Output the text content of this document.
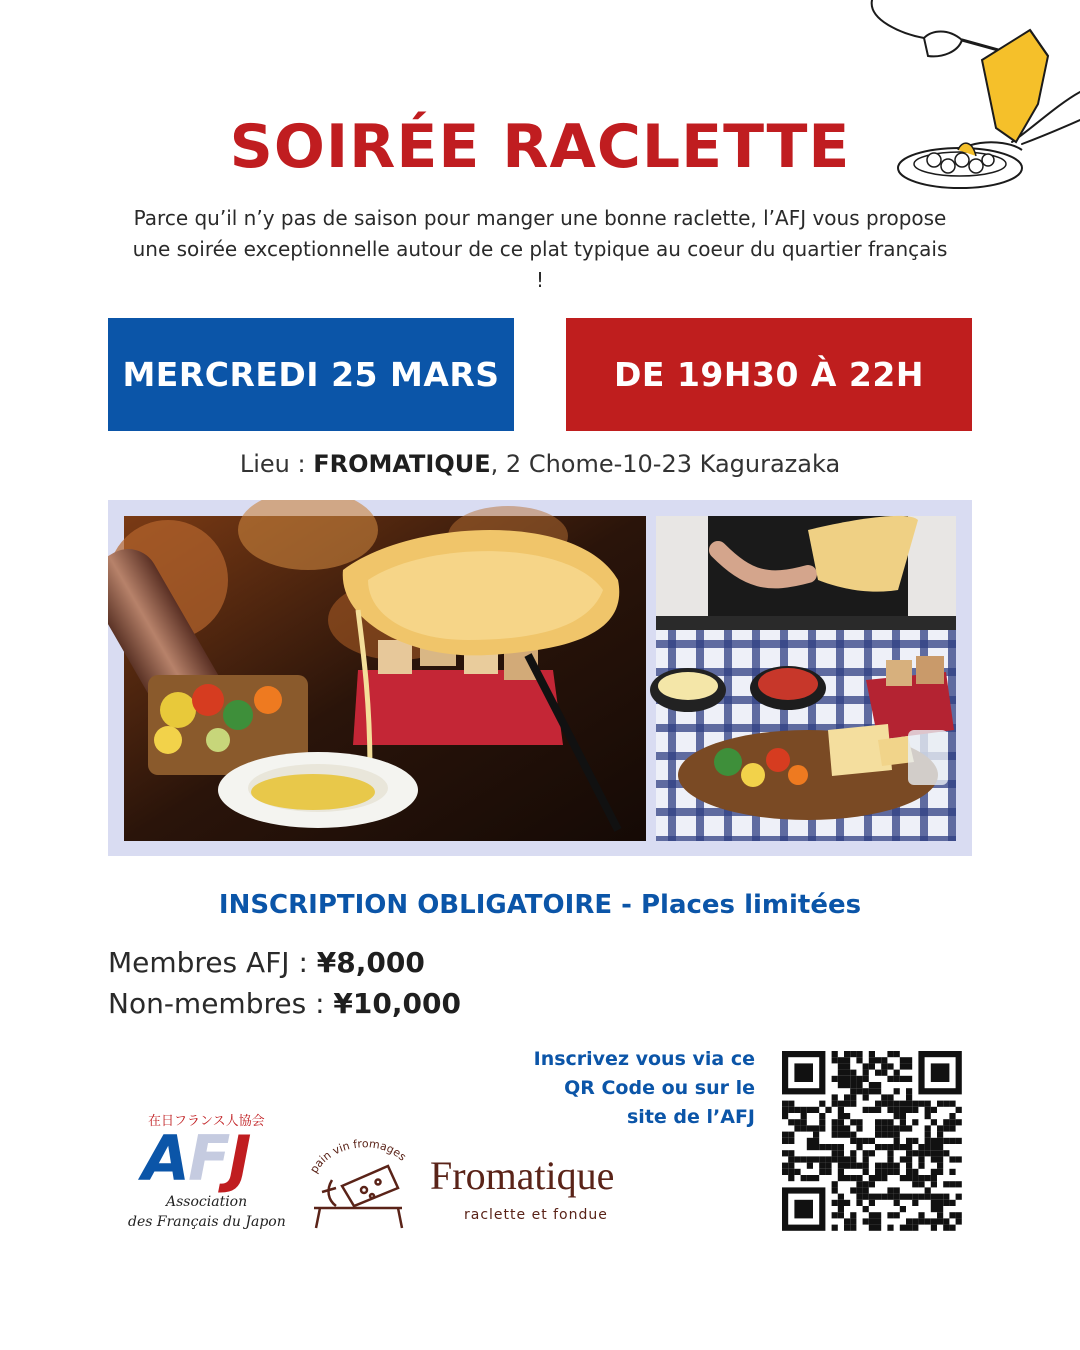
SOIRÉE RACLETTE
Parce qu’il n’y pas de saison pour manger une bonne raclette, l’AFJ vous propose une soirée exceptionnelle autour de ce plat typique au coeur du quartier français !
MERCREDI 25 MARS	DE 19H30 À 22H
Lieu : FROMATIQUE, 2 Chome-10-23 Kagurazaka
INSCRIPTION OBLIGATOIRE - Places limitées
Membres AFJ : ¥8,000
Non-membres : ¥10,000
Inscrivez vous via ce
QR Code ou sur le
site de l’AFJ
在日フランス人協会
AFJ
Association
des Français du Japon
pain vin fromages Fromatique
raclette et fondue
